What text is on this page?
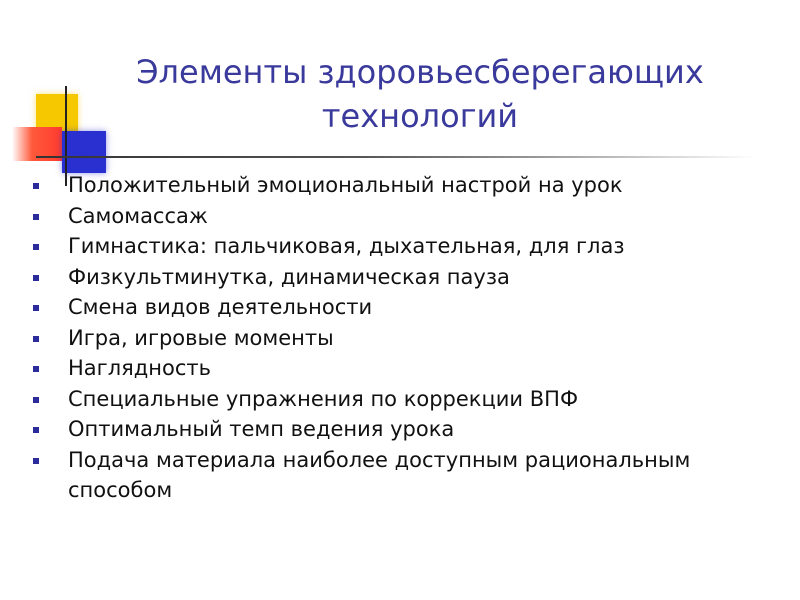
Элементы здоровьесберегающих
технологий
Положительный эмоциональный настрой на урок
Самомассаж
Гимнастика: пальчиковая, дыхательная, для глаз
Физкультминутка, динамическая пауза
Смена видов деятельности
Игра, игровые моменты
Наглядность
Специальные упражнения по коррекции ВПФ
Оптимальный темп ведения урока
Подача материала наиболее доступным рациональным способом
